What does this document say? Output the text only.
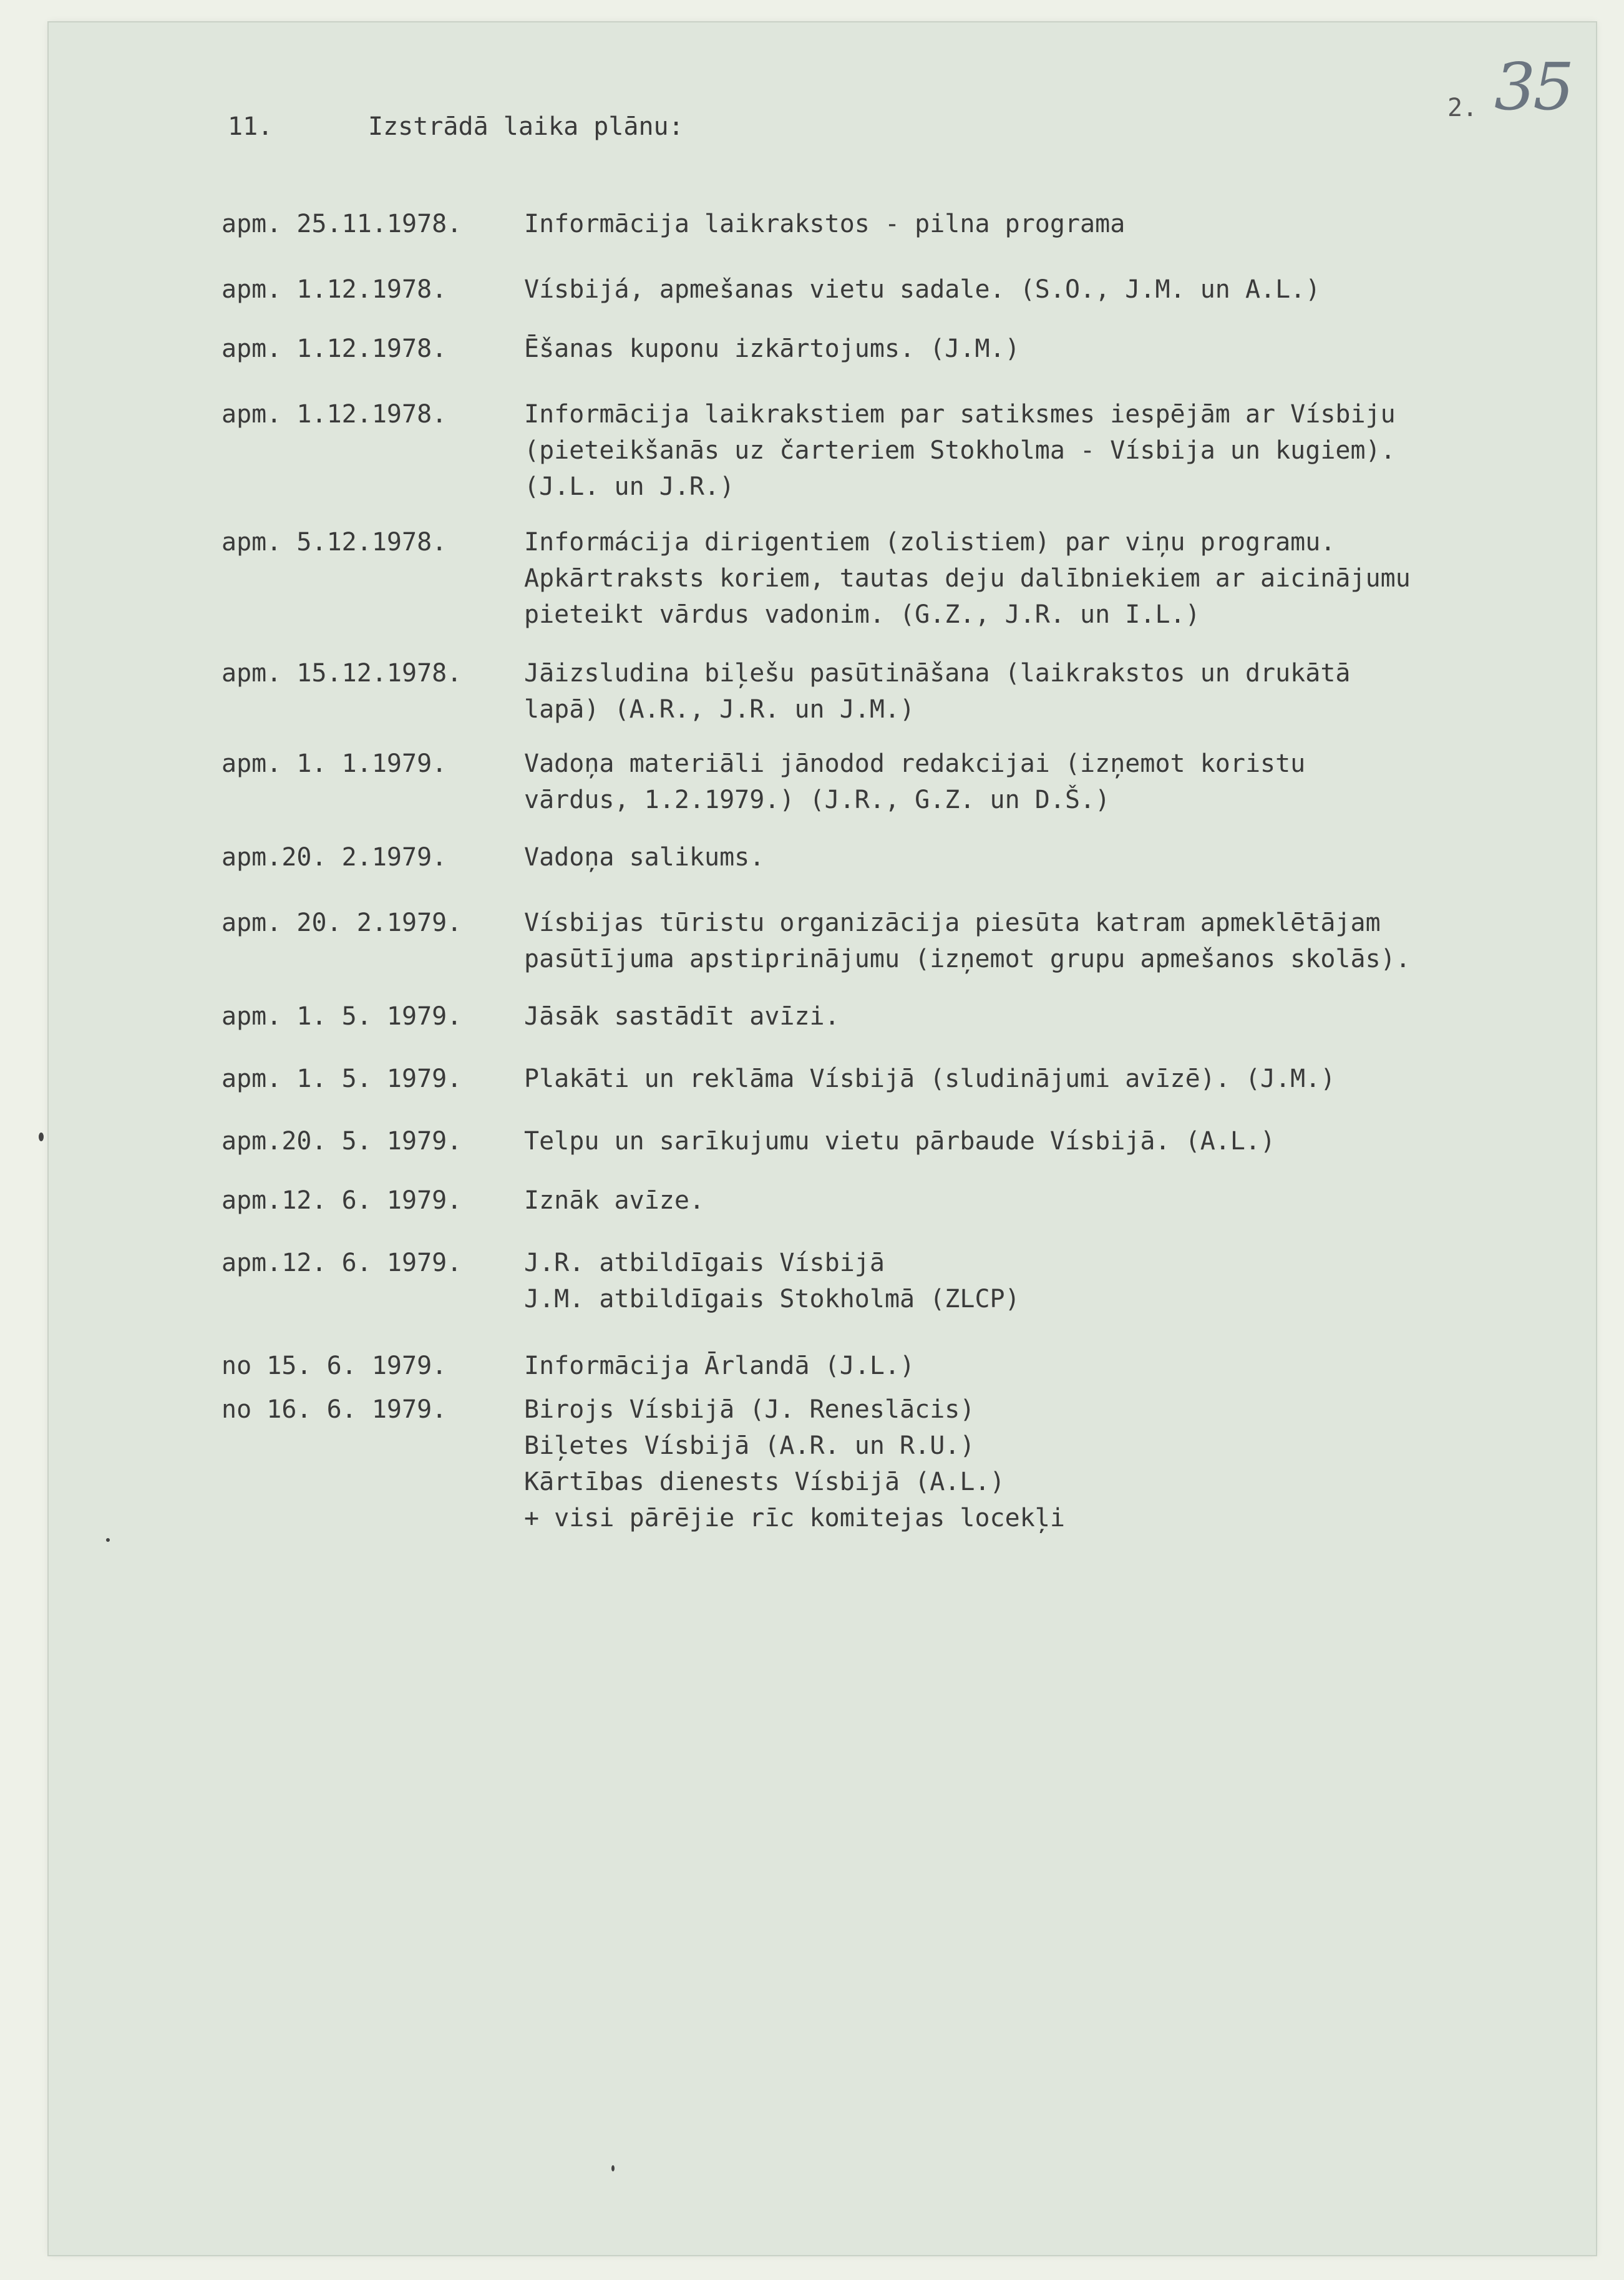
2. 35
11.	Izstrādā laika plānu:
apm. 25.11.1978.	Informācija laikrakstos - pilna programa
apm. 1.12.1978.	Vísbijá, apmešanas vietu sadale. (S.O., J.M. un A.L.)
apm. 1.12.1978.	Ēšanas kuponu izkārtojums. (J.M.)
apm. 1.12.1978.	Informācija laikrakstiem par satiksmes iespējām ar Vísbiju
(pieteikšanās uz čarteriem Stokholma - Vísbija un kugiem).
(J.L. un J.R.)
apm. 5.12.1978.	Informácija dirigentiem (zolistiem) par viņu programu.
Apkārtraksts koriem, tautas deju dalībniekiem ar aicinājumu
pieteikt vārdus vadonim. (G.Z., J.R. un I.L.)
apm. 15.12.1978.	Jāizsludina biļešu pasūtināšana (laikrakstos un drukātā
lapā) (A.R., J.R. un J.M.)
apm. 1. 1.1979.	Vadoņa materiāli jānodod redakcijai (izņemot koristu
vārdus, 1.2.1979.) (J.R., G.Z. un D.Š.)
apm.20. 2.1979.	Vadoņa salikums.
apm. 20. 2.1979.	Vísbijas tūristu organizācija piesūta katram apmeklētājam
pasūtījuma apstiprinājumu (izņemot grupu apmešanos skolās).
apm. 1. 5. 1979.	Jāsāk sastādīt avīzi.
apm. 1. 5. 1979.	Plakāti un reklāma Vísbijā (sludinājumi avīzē). (J.M.)
apm.20. 5. 1979.	Telpu un sarīkujumu vietu pārbaude Vísbijā. (A.L.)
apm.12. 6. 1979.	Iznāk avīze.
apm.12. 6. 1979.	J.R. atbildīgais Vísbijā
J.M. atbildīgais Stokholmā (ZLCP)
no 15. 6. 1979.	Informācija Ārlandā (J.L.)
no 16. 6. 1979.	Birojs Vísbijā (J. Reneslācis)
Biļetes Vísbijā (A.R. un R.U.)
Kārtības dienests Vísbijā (A.L.)
+ visi pārējie rīc komitejas locekļi
